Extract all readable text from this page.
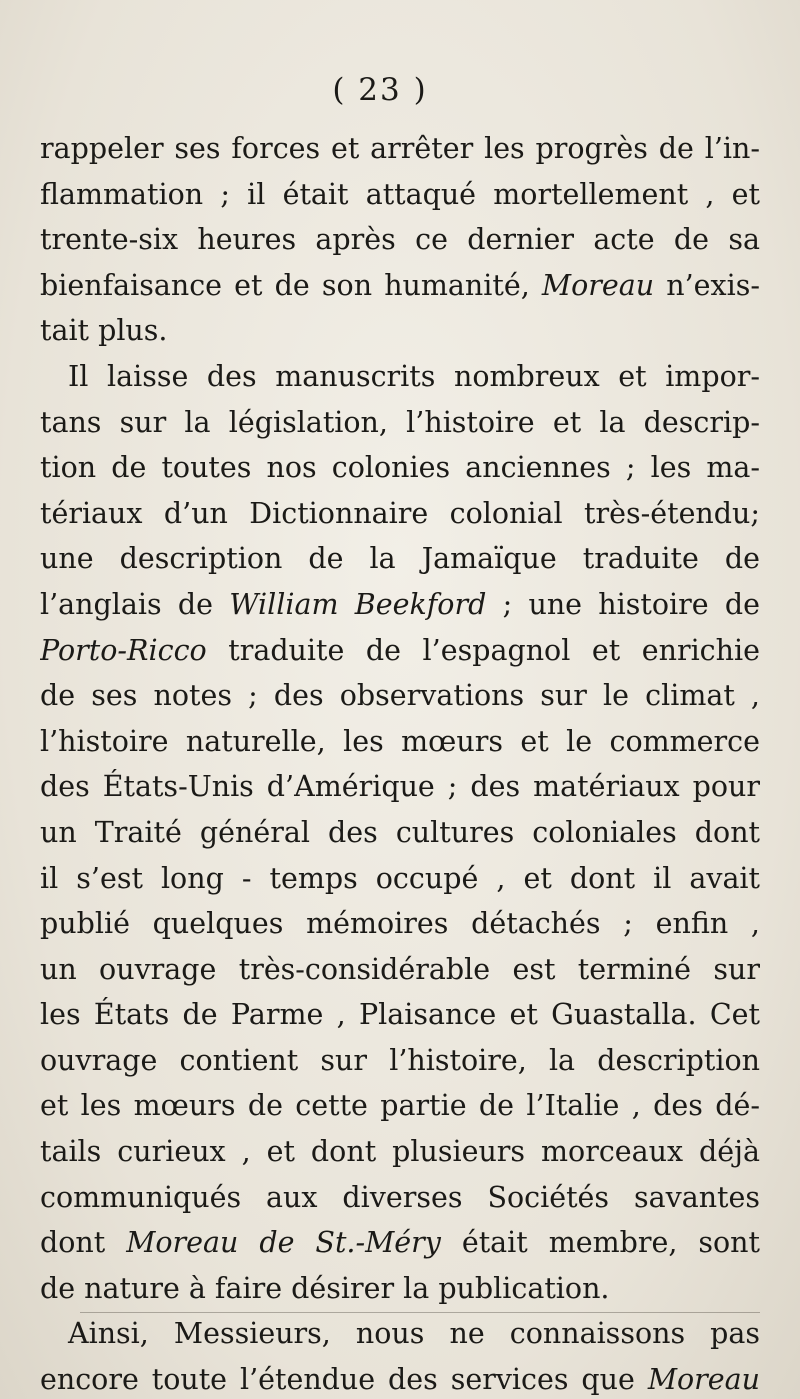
( 23 )
rappeler ses forces et arrêter les progrès de l’in-
flammation ; il était attaqué mortellement , et
trente-six heures après ce dernier acte de sa
bienfaisance et de son humanité, Moreau n’exis-
tait plus.
Il laisse des manuscrits nombreux et impor-
tans sur la législation, l’histoire et la descrip-
tion de toutes nos colonies anciennes ; les ma-
tériaux d’un Dictionnaire colonial très-étendu;
une description de la Jamaïque traduite de
l’anglais de William Beekford ; une histoire de
Porto-Ricco traduite de l’espagnol et enrichie
de ses notes ; des observations sur le climat ,
l’histoire naturelle, les mœurs et le commerce
des États-Unis d’Amérique ; des matériaux pour
un Traité général des cultures coloniales dont
il s’est long - temps occupé , et dont il avait
publié quelques mémoires détachés ; enfin ,
un ouvrage très-considérable est terminé sur
les États de Parme , Plaisance et Guastalla. Cet
ouvrage contient sur l’histoire, la description
et les mœurs de cette partie de l’Italie , des dé-
tails curieux , et dont plusieurs morceaux déjà
communiqués aux diverses Sociétés savantes
dont Moreau de St.-Méry était membre, sont
de nature à faire désirer la publication.
Ainsi, Messieurs, nous ne connaissons pas
encore toute l’étendue des services que Moreau
